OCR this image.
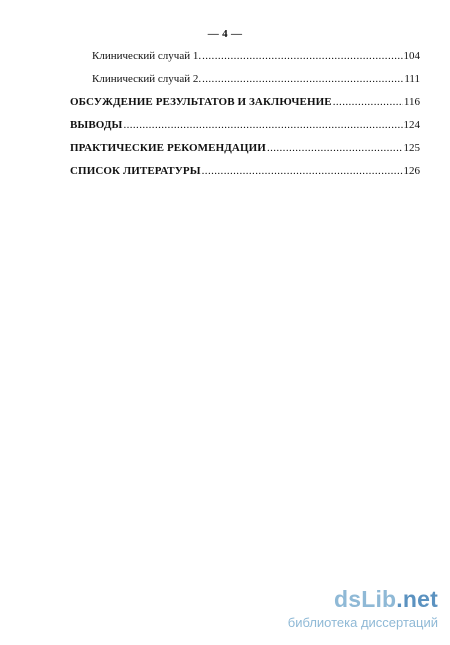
— 4 —
Клинический случай 1. .....	104
Клинический случай 2. .....	111
ОБСУЖДЕНИЕ РЕЗУЛЬТАТОВ И ЗАКЛЮЧЕНИЕ .....	116
ВЫВОДЫ .....	124
ПРАКТИЧЕСКИЕ РЕКОМЕНДАЦИИ .....	125
СПИСОК ЛИТЕРАТУРЫ .....	126
dsLib.net
библиотека диссертаций
